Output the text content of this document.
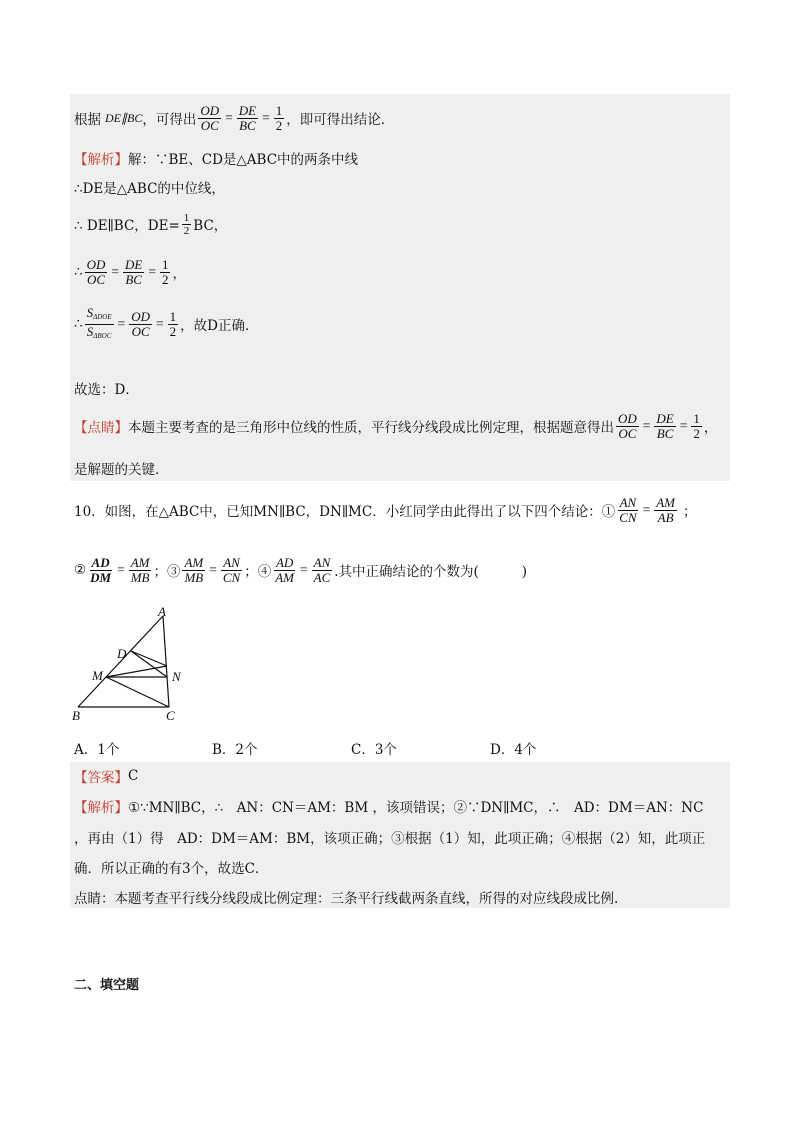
根据 DE∥BC ，可得出 $\frac{OD}{OC} = \frac{DE}{BC} = \frac{1}{2}$ ，即可得出结论．
【解析】 解：∵BE、CD是△ABC中的两条中线
∴DE是△ABC的中位线，
∴ DE∥BC，$DE= \frac{1}{2}$ BC，
∴ $\frac{OD}{OC} = \frac{DE}{BC} = \frac{1}{2}$ ，
∴ $\frac{S_{\Delta DOE}}{S_{\Delta BOC}} = \frac{OD}{OC} = \frac{1}{2}$ ，故D正确．
故选：D．
【点睛】 本题主要考查的是三角形中位线的性质，平行线分线段成比例定理，根据题意得出 $\frac{OD}{OC} = \frac{DE}{BC} = \frac{1}{2}$ ，
是解题的关键．
10．如图，在△ABC中，已知MN∥BC，DN∥MC．小红同学由此得出了以下四个结论：① $\frac{AN}{CN} = \frac{AM}{AB}$ ；
② $\frac{AD}{DM} = \frac{AM}{MB}$ ；③ $\frac{AM}{MB} = \frac{AN}{CN}$ ；④ $\frac{AD}{AM} = \frac{AN}{AC}$ .其中正确结论的个数为(          )
A
D
M	N
B	C
A．1个	B．2个	C．3个	D．4个
【答案】 C
【解析】 ①∵MN∥BC，∴　AN：CN＝AM：BM ，该项错误；②∵DN∥MC，∴　AD：DM＝AN：NC
，再由（1）得　AD：DM＝AM：BM，该项正确；③根据（1）知，此项正确；④根据（2）知，此项正
确．所以正确的有3个，故选C．
点睛：本题考查平行线分线段成比例定理：三条平行线截两条直线，所得的对应线段成比例.
二、填空题
